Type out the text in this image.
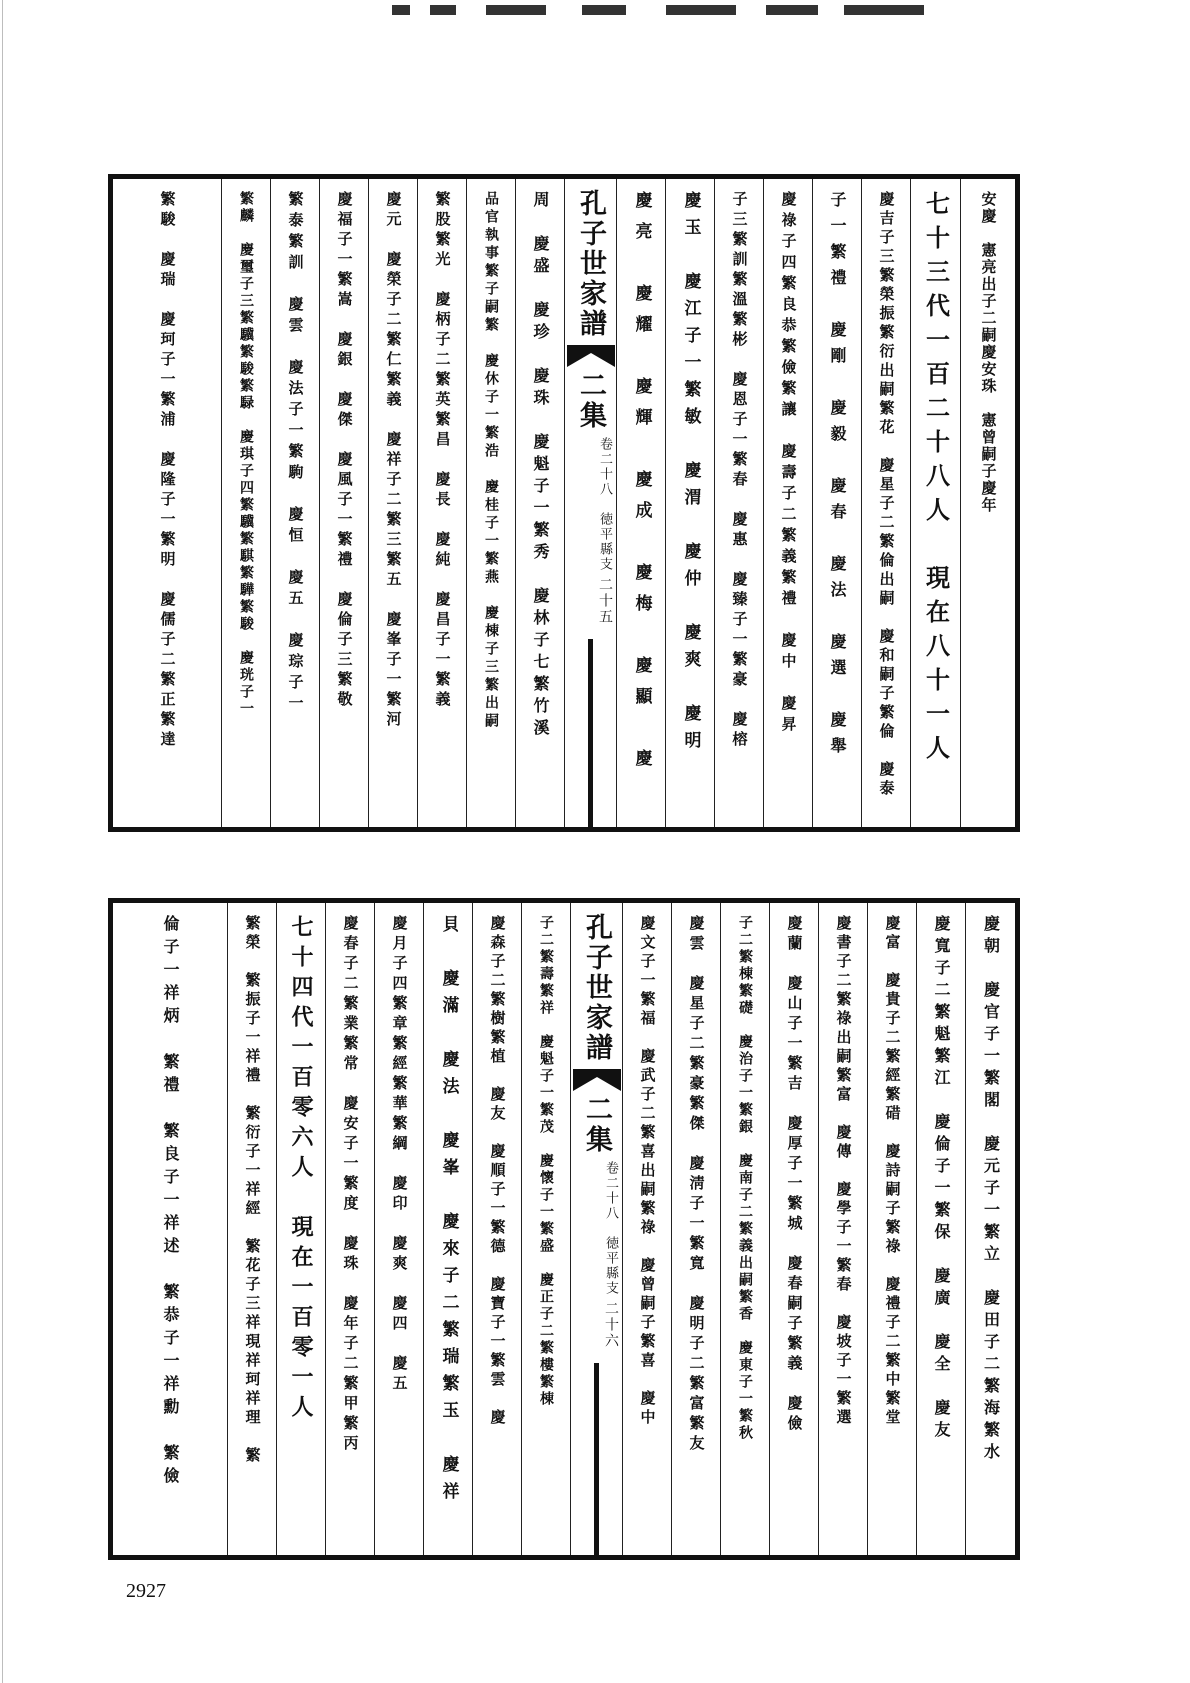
安慶　憲亮出子二嗣慶安珠　憲曾嗣子慶年
七十三代一百二十八人　現在八十一人
慶吉子三繁榮振繁衍出嗣繁花　慶星子二繁倫出嗣　慶和嗣子繁倫　慶泰
子一繁禮　慶剛　慶毅　慶春　慶法　慶選　慶舉
慶祿子四繁良恭繁儉繁讓　慶壽子二繁義繁禮　慶中　慶昇
子三繁訓繁溫繁彬　慶恩子一繁春　慶惠　慶臻子一繁豪　慶榕
慶玉　慶江子一繁敏　慶渭　慶仲　慶爽　慶明
慶亮　慶耀　慶輝　慶成　慶梅　慶顯　慶
孔子世家譜
二集
卷二十八　徳平縣支
二十五
周　慶盛　慶珍　慶珠　慶魁子一繁秀　慶林子七繁竹溪
品官執事繁子嗣繁　慶休子一繁浩　慶桂子一繁燕　慶棟子三繁出嗣
繁股繁光　慶柄子二繁英繁昌　慶長　慶純　慶昌子一繁義
慶元　慶榮子二繁仁繁義　慶祥子二繁三繁五　慶峯子一繁河
慶福子一繁嵩　慶銀　慶傑　慶風子一繁禮　慶倫子三繁敬
繁泰繁訓　慶雲　慶法子一繁駒　慶恒　慶五　慶琮子一
繁麟　慶璽子三繁驥繁駿繁騄　慶琪子四繁驥繁騏繁驊繁駿　慶珖子一
繁駿　慶瑞　慶珂子一繁浦　慶隆子一繁明　慶儒子二繁正繁達
慶朝　慶官子一繁閣　慶元子一繁立　慶田子二繁海繁水
慶寬子二繁魁繁江　慶倫子一繁保　慶廣　慶全　慶友
慶富　慶貴子二繁經繁碏　慶詩嗣子繁祿　慶禮子二繁中繁堂
慶書子二繁祿出嗣繁富　慶傳　慶學子一繁春　慶坡子一繁選
慶蘭　慶山子一繁吉　慶厚子一繁城　慶春嗣子繁義　慶儉
子二繁棟繁礎　慶治子一繁銀　慶南子二繁義出嗣繁香　慶東子一繁秋
慶雲　慶星子二繁豪繁傑　慶淸子一繁寬　慶明子二繁富繁友
慶文子一繁福　慶武子二繁喜出嗣繁祿　慶曾嗣子繁喜　慶中
孔子世家譜
二集
卷二十八　徳平縣支
二十六
子二繁壽繁祥　慶魁子一繁茂　慶懷子一繁盛　慶正子二繁樓繁棟
慶森子二繁樹繁植　慶友　慶順子一繁德　慶寶子一繁雲　慶
貝　慶滿　慶法　慶峯　慶來子二繁瑞繁玉　慶祥
慶月子四繁章繁經繁華繁綱　慶印　慶爽　慶四　慶五
慶春子二繁業繁常　慶安子一繁度　慶珠　慶年子二繁甲繁丙
七十四代一百零六人　現在一百零一人
繁榮　繁振子一祥禮　繁衍子一祥經　繁花子三祥現祥珂祥理　繁
倫子一祥炳　繁禮　繁良子一祥述　繁恭子一祥勳　繁儉
2927
